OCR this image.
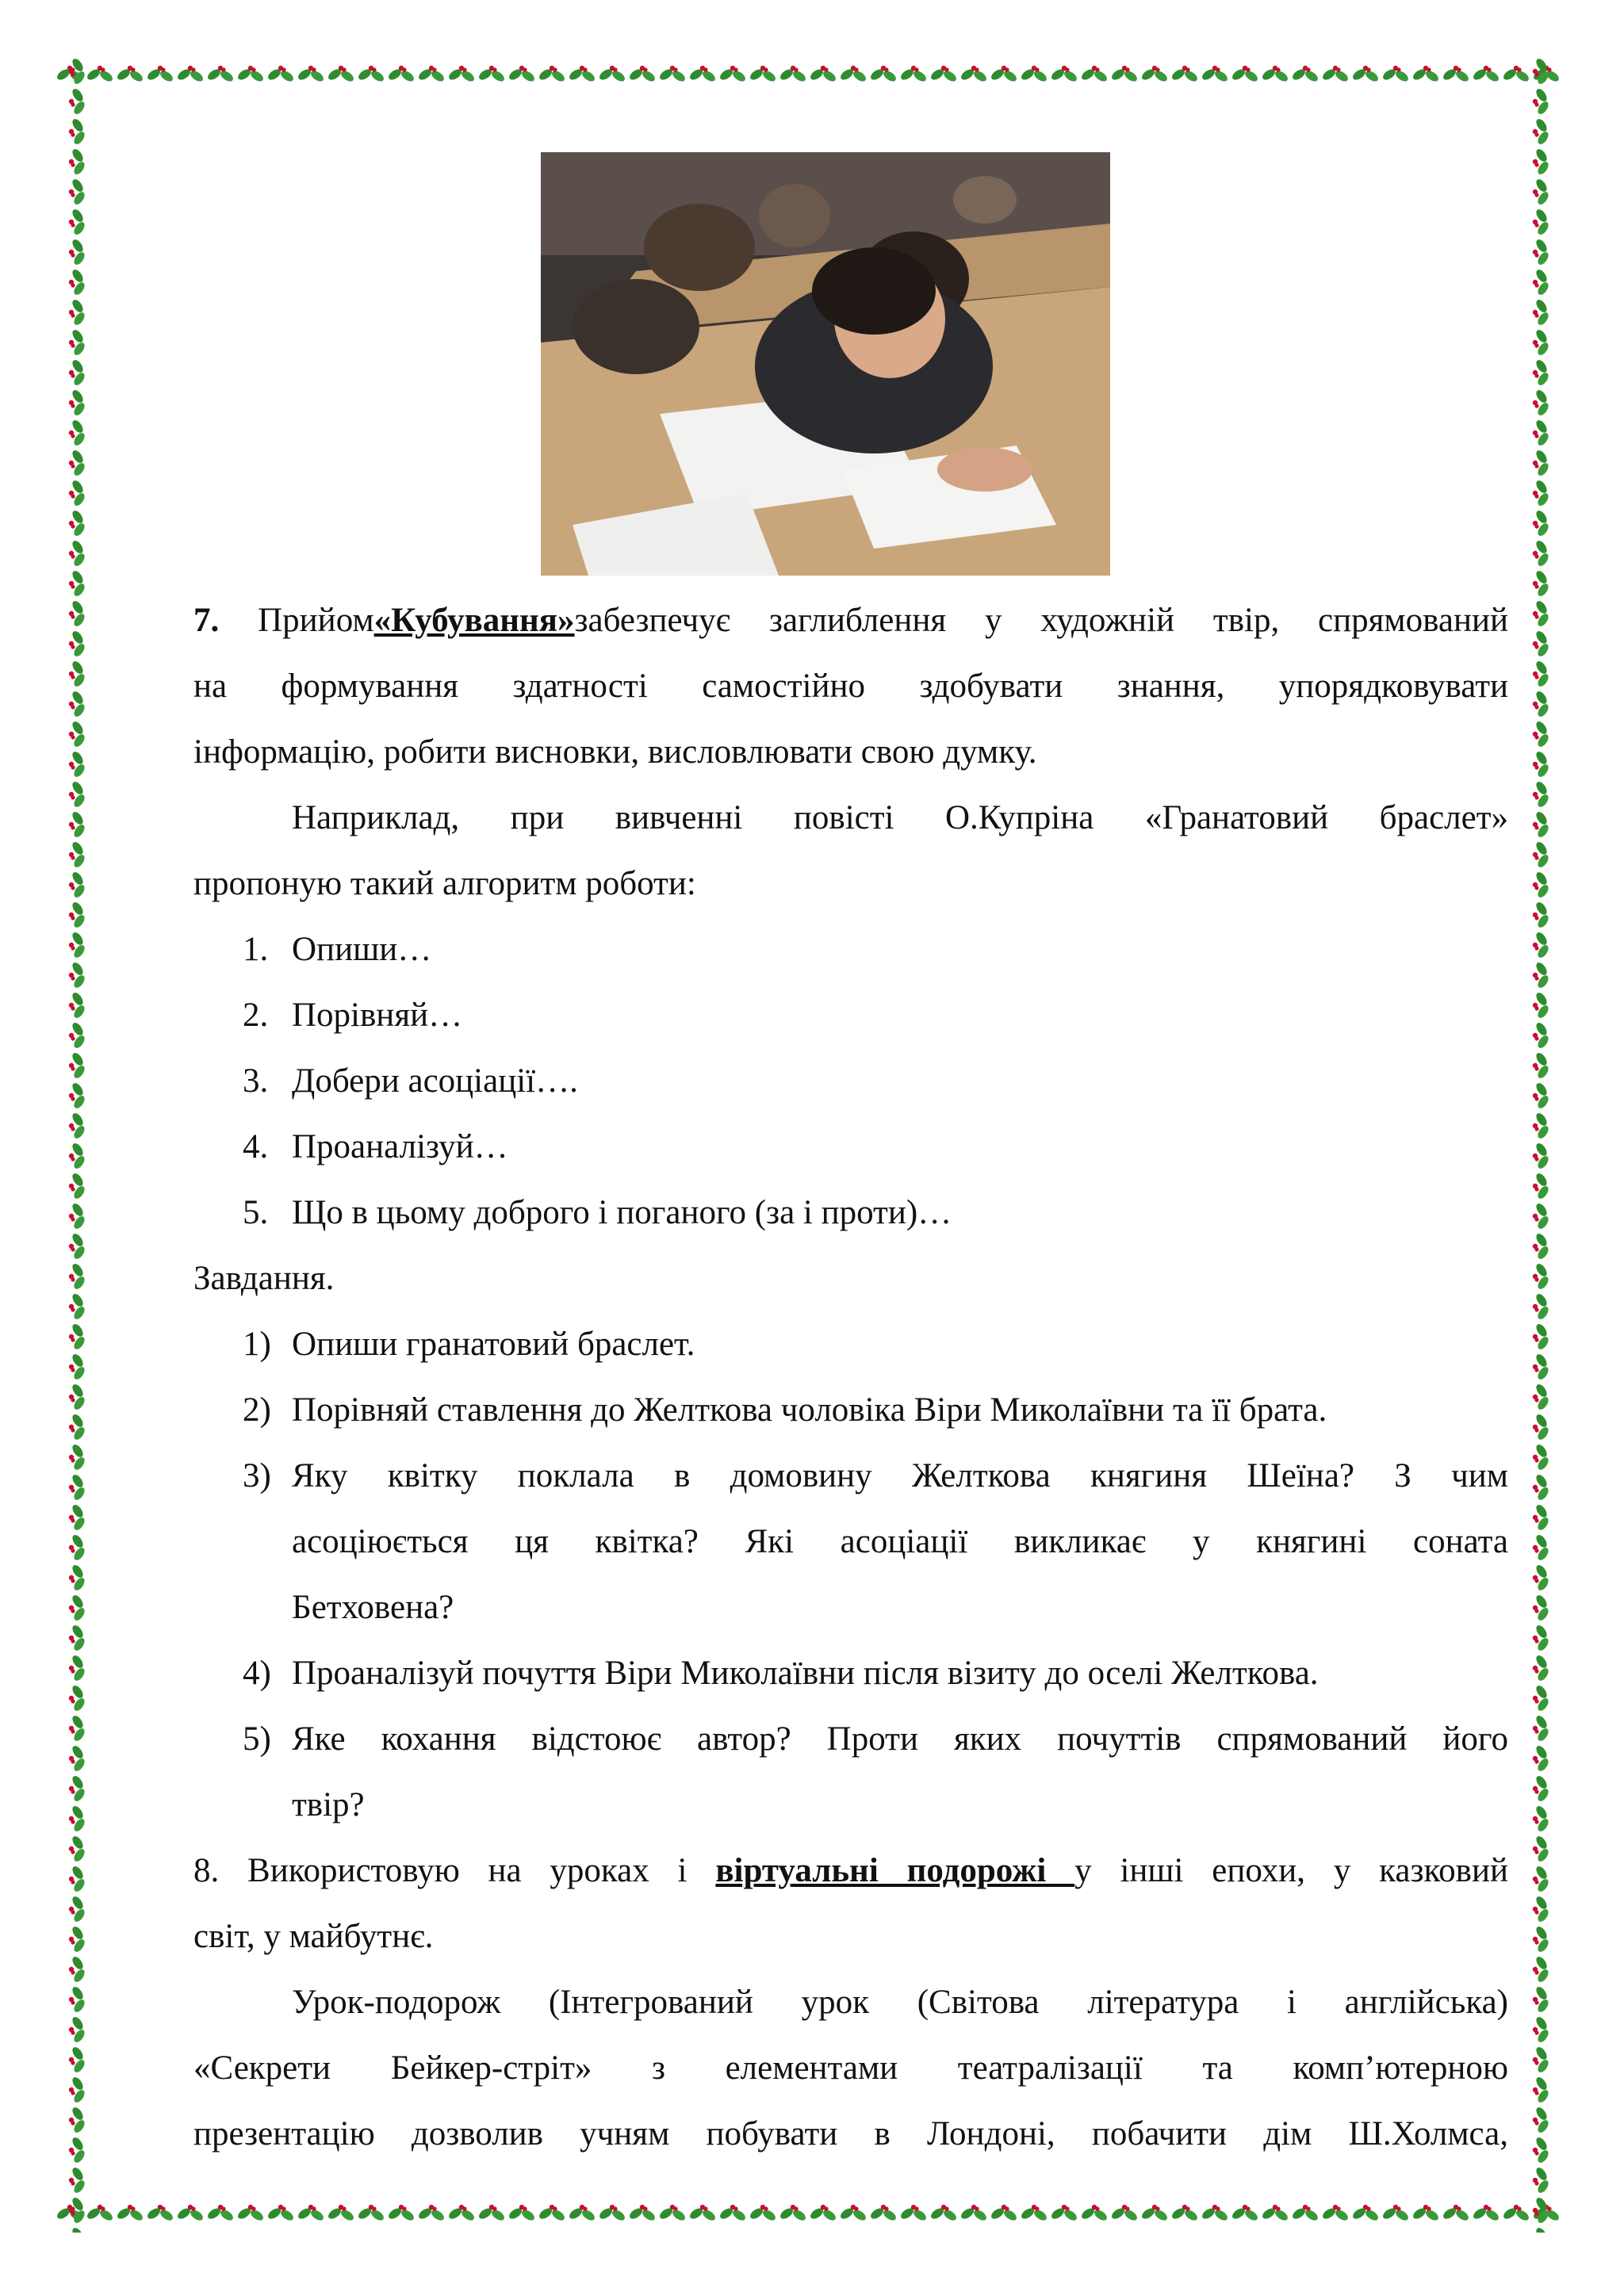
7. Прийом«Кубування»забезпечує заглиблення у художній твір, спрямований
на формування здатності самостійно здобувати знання, упорядковувати
інформацію, робити висновки, висловлювати свою думку.
Наприклад, при вивченні повісті О.Купріна «Гранатовий браслет»
пропоную такий алгоритм роботи:
1. Опиши…
2. Порівняй…
3. Добери асоціації….
4. Проаналізуй…
5. Що в цьому доброго і поганого (за і проти)…
Завдання.
1) Опиши гранатовий браслет.
2) Порівняй ставлення до Желткова чоловіка Віри Миколаївни та її брата.
3) Яку квітку поклала в домовину Желткова княгиня Шеїна? З чим
асоціюється ця квітка? Які асоціації викликає у княгині соната
Бетховена?
4) Проаналізуй почуття Віри Миколаївни після візиту до оселі Желткова.
5) Яке кохання відстоює автор? Проти яких почуттів спрямований його
твір?
8. Використовую на уроках і віртуальні подорожі у інші епохи, у казковий
світ, у майбутнє.
Урок-подорож (Інтегрований урок (Світова література і англійська)
«Секрети Бейкер-стріт» з елементами театралізації та комп’ютерною
презентацію дозволив учням побувати в Лондоні, побачити дім Ш.Холмса,
